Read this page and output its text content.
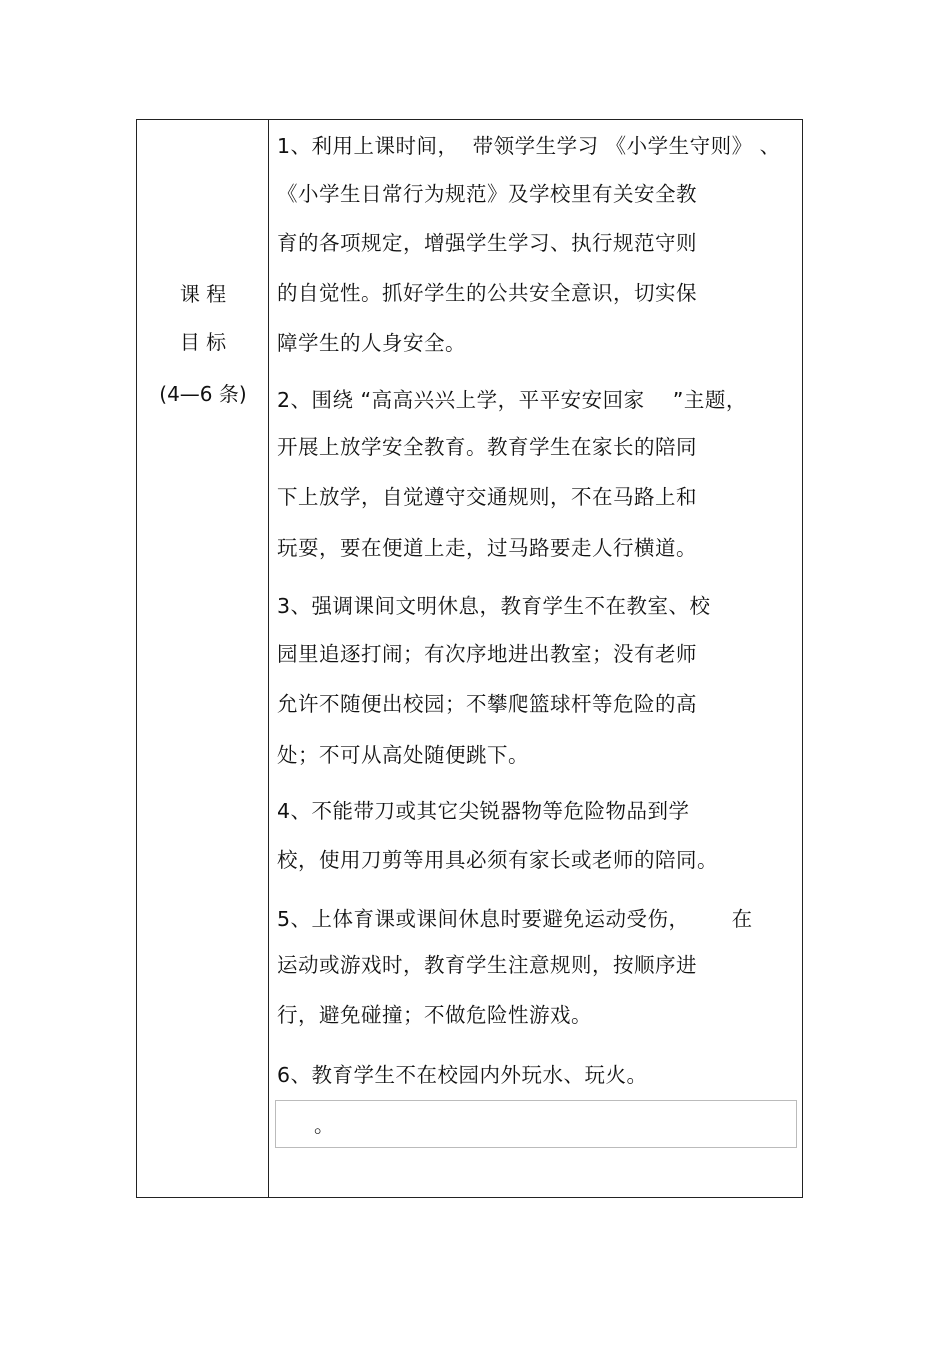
课 程
目 标
(4—6 条)
1、利用上课时间，  带领学生学习 《小学生守则》 、
《小学生日常行为规范》及学校里有关安全教
育的各项规定，增强学生学习、执行规范守则
的自觉性。抓好学生的公共安全意识，切实保
障学生的人身安全。
2、围绕 “高高兴兴上学，平平安安回家    ”主题，
开展上放学安全教育。教育学生在家长的陪同
下上放学，自觉遵守交通规则，不在马路上和
玩耍，要在便道上走，过马路要走人行横道。
3、强调课间文明休息，教育学生不在教室、校
园里追逐打闹；有次序地进出教室；没有老师
允许不随便出校园；不攀爬篮球杆等危险的高
处；不可从高处随便跳下。
4、不能带刀或其它尖锐器物等危险物品到学
校，使用刀剪等用具必须有家长或老师的陪同。
5、上体育课或课间休息时要避免运动受伤，      在
运动或游戏时，教育学生注意规则，按顺序进
行，避免碰撞；不做危险性游戏。
6、教育学生不在校园内外玩水、玩火。
。
